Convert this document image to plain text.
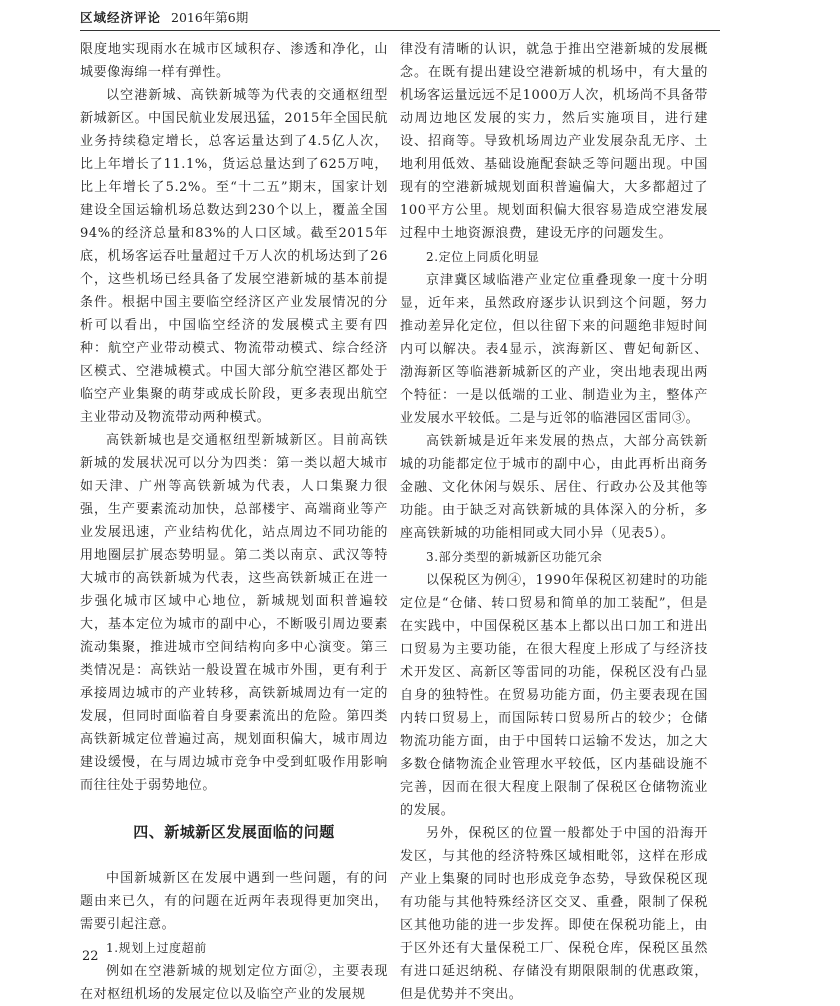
区域经济评论 2016年第6期

限度地实现雨水在城市区域积存、渗透和净化，山城要像海绵一样有弹性。

以空港新城、高铁新城等为代表的交通枢纽型新城新区。中国民航业发展迅猛，2015年全国民航业务持续稳定增长，总客运量达到了4.5亿人次，比上年增长了11.1%，货运总量达到了625万吨，比上年增长了5.2%。至“十二五”期末，国家计划建设全国运输机场总数达到230个以上，覆盖全国94%的经济总量和83%的人口区域。截至2015年底，机场客运吞吐量超过千万人次的机场达到了26个，这些机场已经具备了发展空港新城的基本前提条件。根据中国主要临空经济区产业发展情况的分析可以看出，中国临空经济的发展模式主要有四种：航空产业带动模式、物流带动模式、综合经济区模式、空港城模式。中国大部分航空港区都处于临空产业集聚的萌芽或成长阶段，更多表现出航空主业带动及物流带动两种模式。

高铁新城也是交通枢纽型新城新区。目前高铁新城的发展状况可以分为四类：第一类以超大城市如天津、广州等高铁新城为代表，人口集聚力很强，生产要素流动加快，总部楼宇、高端商业等产业发展迅速，产业结构优化，站点周边不同功能的用地圈层扩展态势明显。第二类以南京、武汉等特大城市的高铁新城为代表，这些高铁新城正在进一步强化城市区域中心地位，新城规划面积普遍较大，基本定位为城市的副中心，不断吸引周边要素流动集聚，推进城市空间结构向多中心演变。第三类情况是：高铁站一般设置在城市外围，更有利于承接周边城市的产业转移，高铁新城周边有一定的发展，但同时面临着自身要素流出的危险。第四类高铁新城定位普遍过高，规划面积偏大，城市周边建设缓慢，在与周边城市竞争中受到虹吸作用影响而往往处于弱势地位。

四、新城新区发展面临的问题

中国新城新区在发展中遇到一些问题，有的问题由来已久，有的问题在近两年表现得更加突出，需要引起注意。

1.规划上过度超前

例如在空港新城的规划定位方面②，主要表现在对枢纽机场的发展定位以及临空产业的发展规

律没有清晰的认识，就急于推出空港新城的发展概念。在既有提出建设空港新城的机场中，有大量的机场客运量远远不足1000万人次，机场尚不具备带动周边地区发展的实力，然后实施项目，进行建设、招商等。导致机场周边产业发展杂乱无序、土地利用低效、基础设施配套缺乏等问题出现。中国现有的空港新城规划面积普遍偏大，大多都超过了100平方公里。规划面积偏大很容易造成空港发展过程中土地资源浪费，建设无序的问题发生。

2.定位上同质化明显

京津冀区域临港产业定位重叠现象一度十分明显，近年来，虽然政府逐步认识到这个问题，努力推动差异化定位，但以往留下来的问题绝非短时间内可以解决。表4显示，滨海新区、曹妃甸新区、渤海新区等临港新城新区的产业，突出地表现出两个特征：一是以低端的工业、制造业为主，整体产业发展水平较低。二是与近邻的临港园区雷同③。

高铁新城是近年来发展的热点，大部分高铁新城的功能都定位于城市的副中心，由此再析出商务金融、文化休闲与娱乐、居住、行政办公及其他等功能。由于缺乏对高铁新城的具体深入的分析，多座高铁新城的功能相同或大同小异（见表5）。

3.部分类型的新城新区功能冗余

以保税区为例④，1990年保税区初建时的功能定位是“仓储、转口贸易和简单的加工装配”，但是在实践中，中国保税区基本上都以出口加工和进出口贸易为主要功能，在很大程度上形成了与经济技术开发区、高新区等雷同的功能，保税区没有凸显自身的独特性。在贸易功能方面，仍主要表现在国内转口贸易上，而国际转口贸易所占的较少；仓储物流功能方面，由于中国转口运输不发达，加之大多数仓储物流企业管理水平较低，区内基础设施不完善，因而在很大程度上限制了保税区仓储物流业的发展。

另外，保税区的位置一般都处于中国的沿海开发区，与其他的经济特殊区域相毗邻，这样在形成产业上集聚的同时也形成竞争态势，导致保税区现有功能与其他特殊经济区交叉、重叠，限制了保税区其他功能的进一步发挥。即使在保税功能上，由于区外还有大量保税工厂、保税仓库，保税区虽然有进口延迟纳税、存储没有期限限制的优惠政策，但是优势并不突出。

22
